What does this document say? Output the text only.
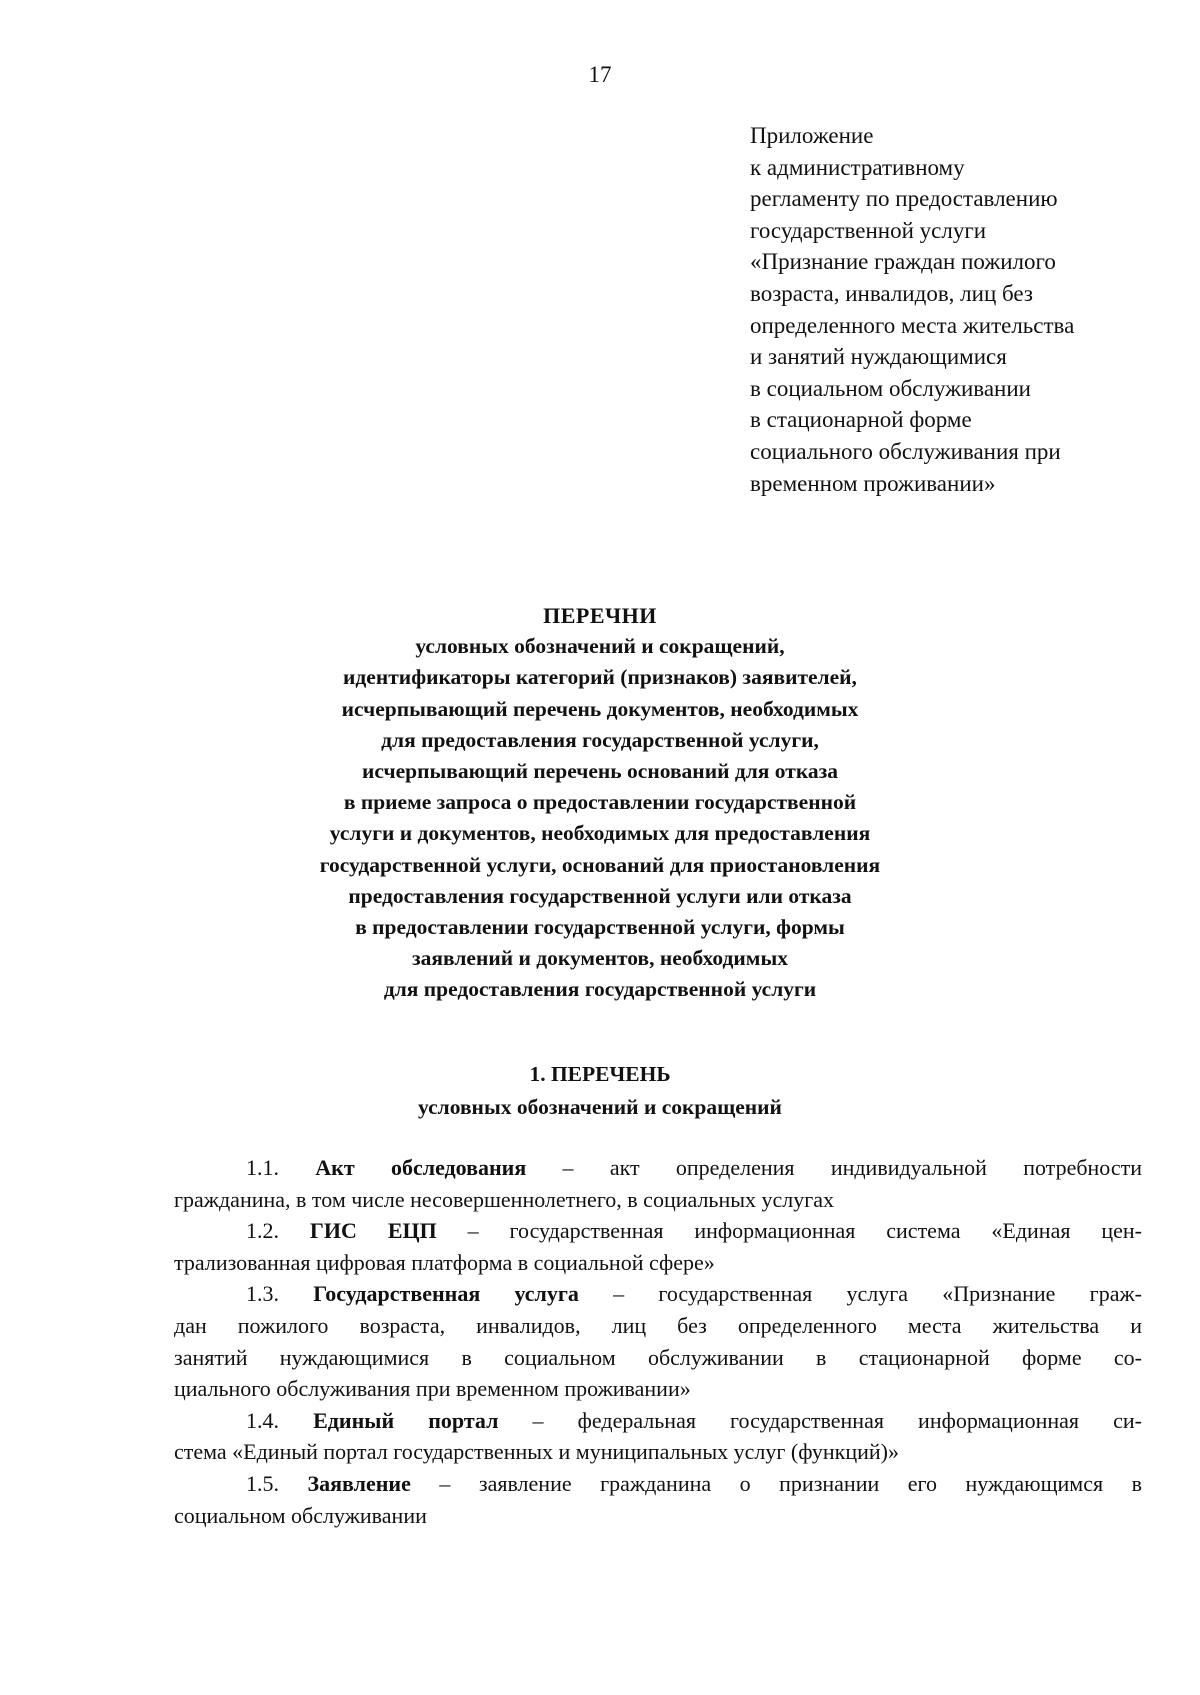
17
Приложение
к административному
регламенту по предоставлению
государственной услуги
«Признание граждан пожилого
возраста, инвалидов, лиц без
определенного места жительства
и занятий нуждающимися
в социальном обслуживании
в стационарной форме
социального обслуживания при
временном проживании»
ПЕРЕЧНИ
условных обозначений и сокращений,
идентификаторы категорий (признаков) заявителей,
исчерпывающий перечень документов, необходимых
для предоставления государственной услуги,
исчерпывающий перечень оснований для отказа
в приеме запроса о предоставлении государственной
услуги и документов, необходимых для предоставления
государственной услуги, оснований для приостановления
предоставления государственной услуги или отказа
в предоставлении государственной услуги, формы
заявлений и документов, необходимых
для предоставления государственной услуги
1. ПЕРЕЧЕНЬ
условных обозначений и сокращений
1.1. Акт обследования – акт определения индивидуальной потребности
гражданина, в том числе несовершеннолетнего, в социальных услугах
1.2. ГИС ЕЦП – государственная информационная система «Единая цен-
трализованная цифровая платформа в социальной сфере»
1.3. Государственная услуга – государственная услуга «Признание граж-
дан пожилого возраста, инвалидов, лиц без определенного места жительства и
занятий нуждающимися в социальном обслуживании в стационарной форме со-
циального обслуживания при временном проживании»
1.4. Единый портал – федеральная государственная информационная си-
стема «Единый портал государственных и муниципальных услуг (функций)»
1.5. Заявление – заявление гражданина о признании его нуждающимся в
социальном обслуживании
